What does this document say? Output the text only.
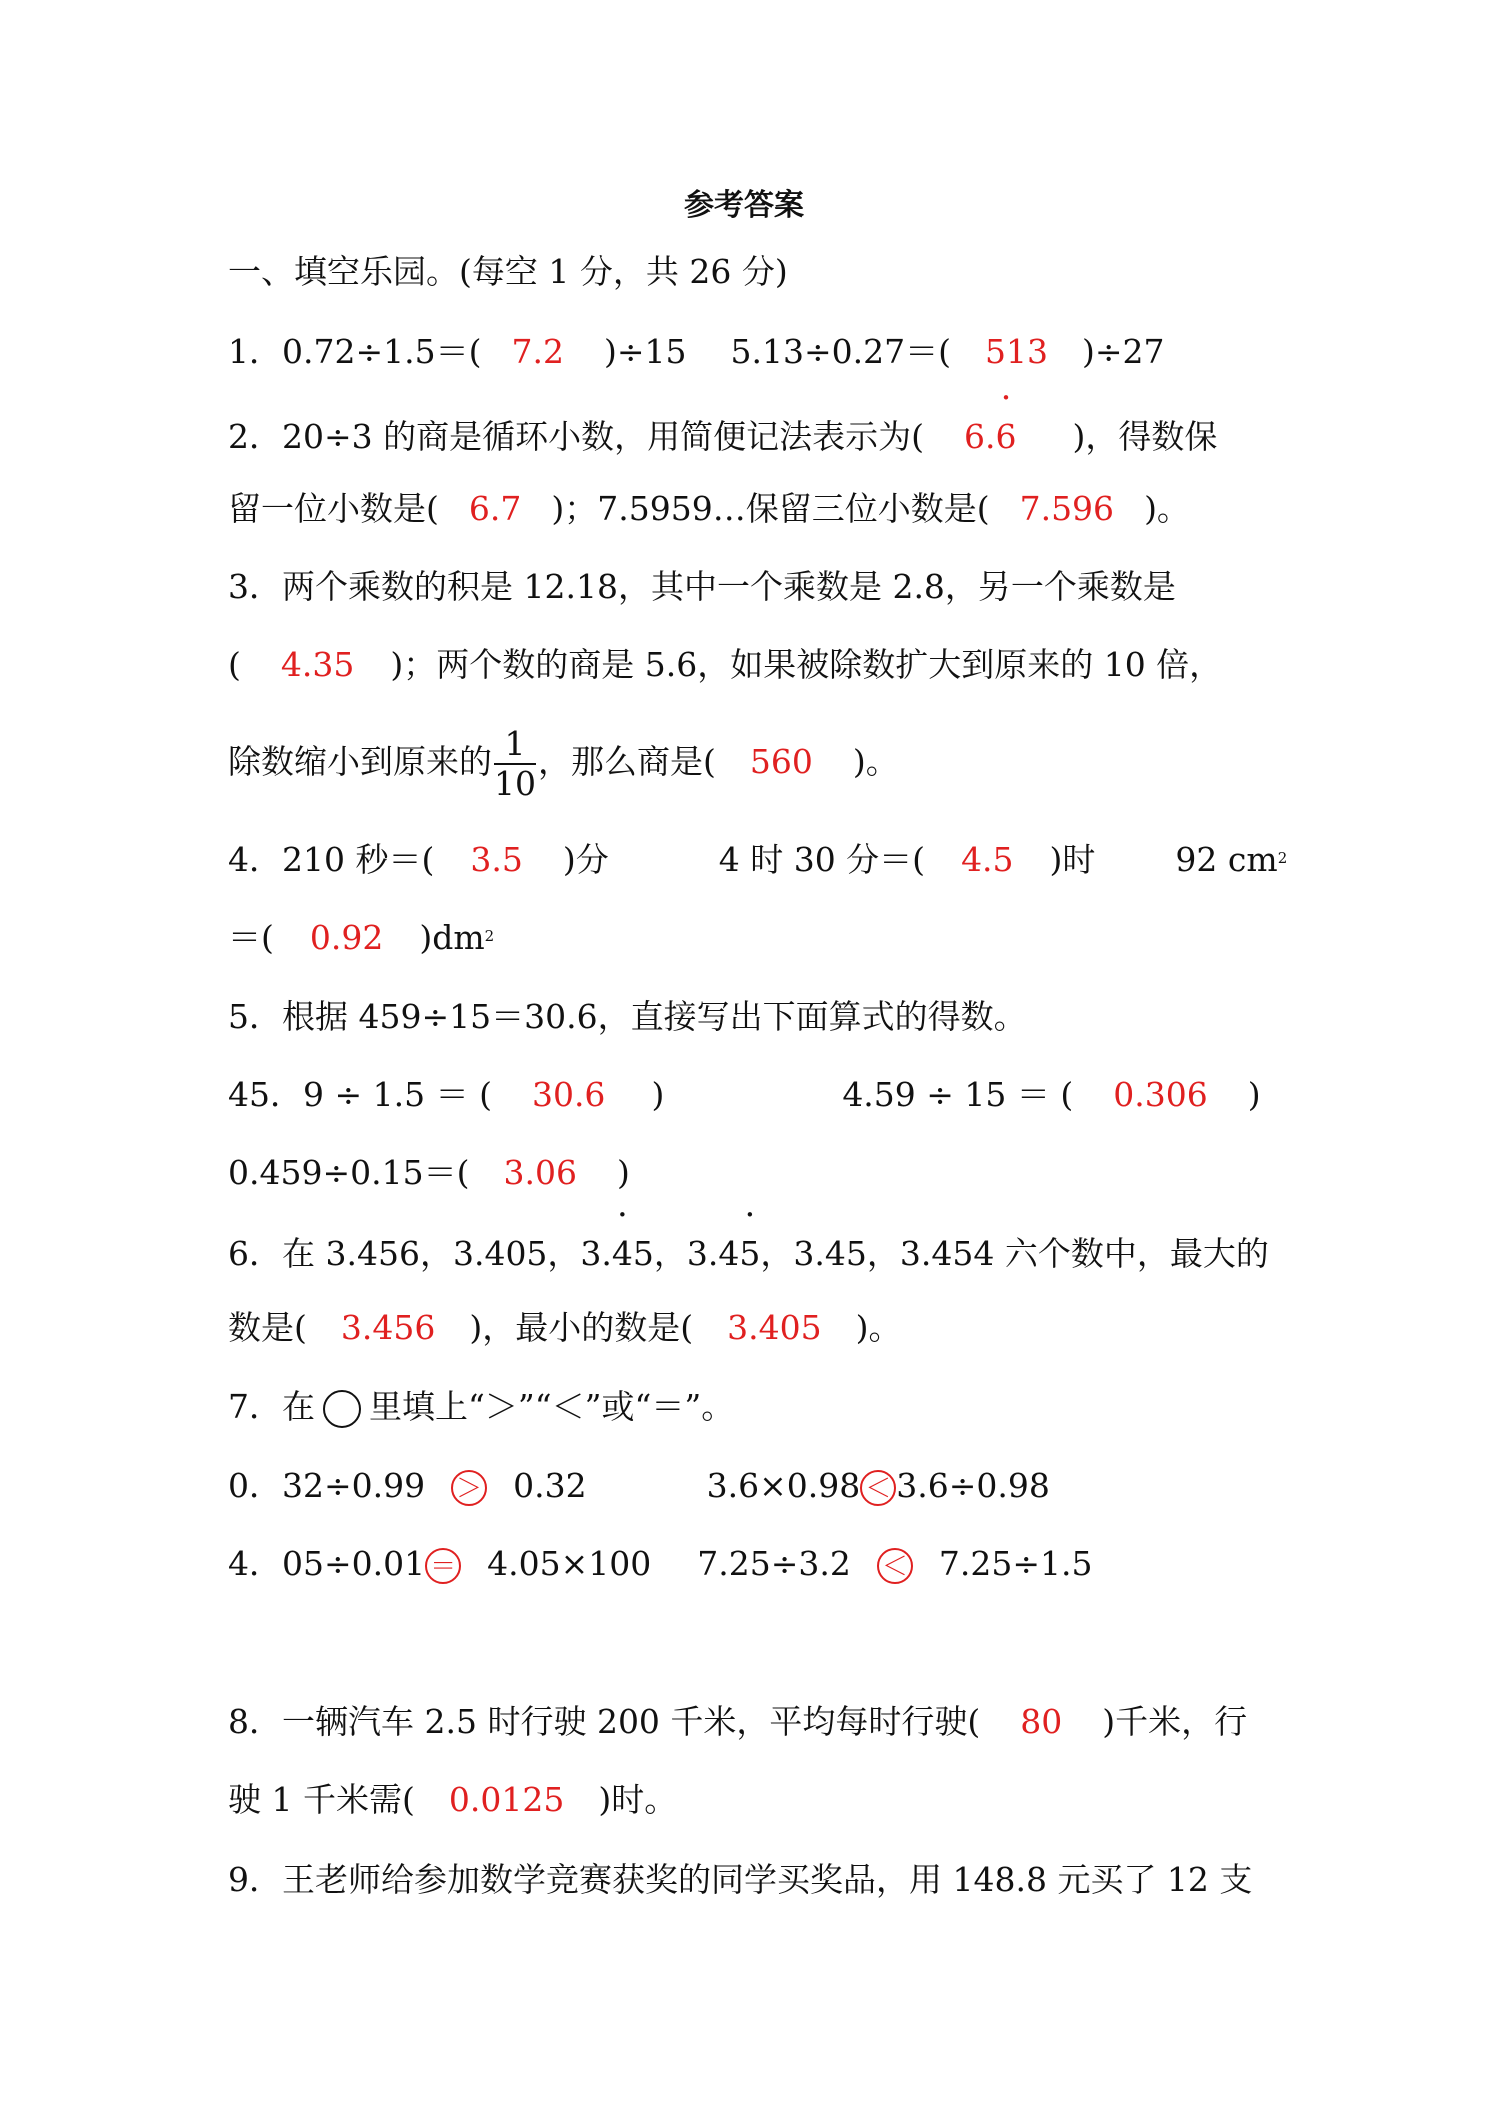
参考答案
一、填空乐园。(每空 1 分，共 26 分)
1．0.72÷1.5＝( 7.2 )÷15 5.13÷0.27＝( 513 )÷27
2．20÷3 的商是循环小数，用简便记法表示为( 6.· 6 )，得数保
留一位小数是( 6.7 )；7.5959…保留三位小数是( 7.596 )。
3．两个乘数的积是 12.18，其中一个乘数是 2.8，另一个乘数是
( 4.35 )；两个数的商是 5.6，如果被除数扩大到原来的 10 倍，
除数缩小到原来的 $\frac{1}{10}$ ，那么商是( 560 )。
4．210 秒＝( 3.5 )分	4 时 30 分＝( 4.5 )时 92 $cm^2$
＝( 0.92 )$dm^2$
5．根据 459÷15＝30.6，直接写出下面算式的得数。
45．9 ÷ 1.5 ＝ ( 30.6 )	4.59 ÷ 15 ＝ ( 0.306 )
0.459÷0.15＝( 3.06 )
6．在 3.456，3.405，3.· 45，3.4· 5，3.45，3.454 六个数中，最大的
数是( 3.456 )，最小的数是( 3.405 )。
7．在 里填上“＞”“＜”或“＝”。
0．32÷0.99 ＞ 0.32	3.6×0.98 ＜ 3.6÷0.98
4．05÷0.01 ＝ 4.05×100 7.25÷3.2 ＜ 7.25÷1.5
8．一辆汽车 2.5 时行驶 200 千米，平均每时行驶( 80 )千米，行
驶 1 千米需( 0.0125 )时。
9．王老师给参加数学竞赛获奖的同学买奖品，用 148.8 元买了 12 支
